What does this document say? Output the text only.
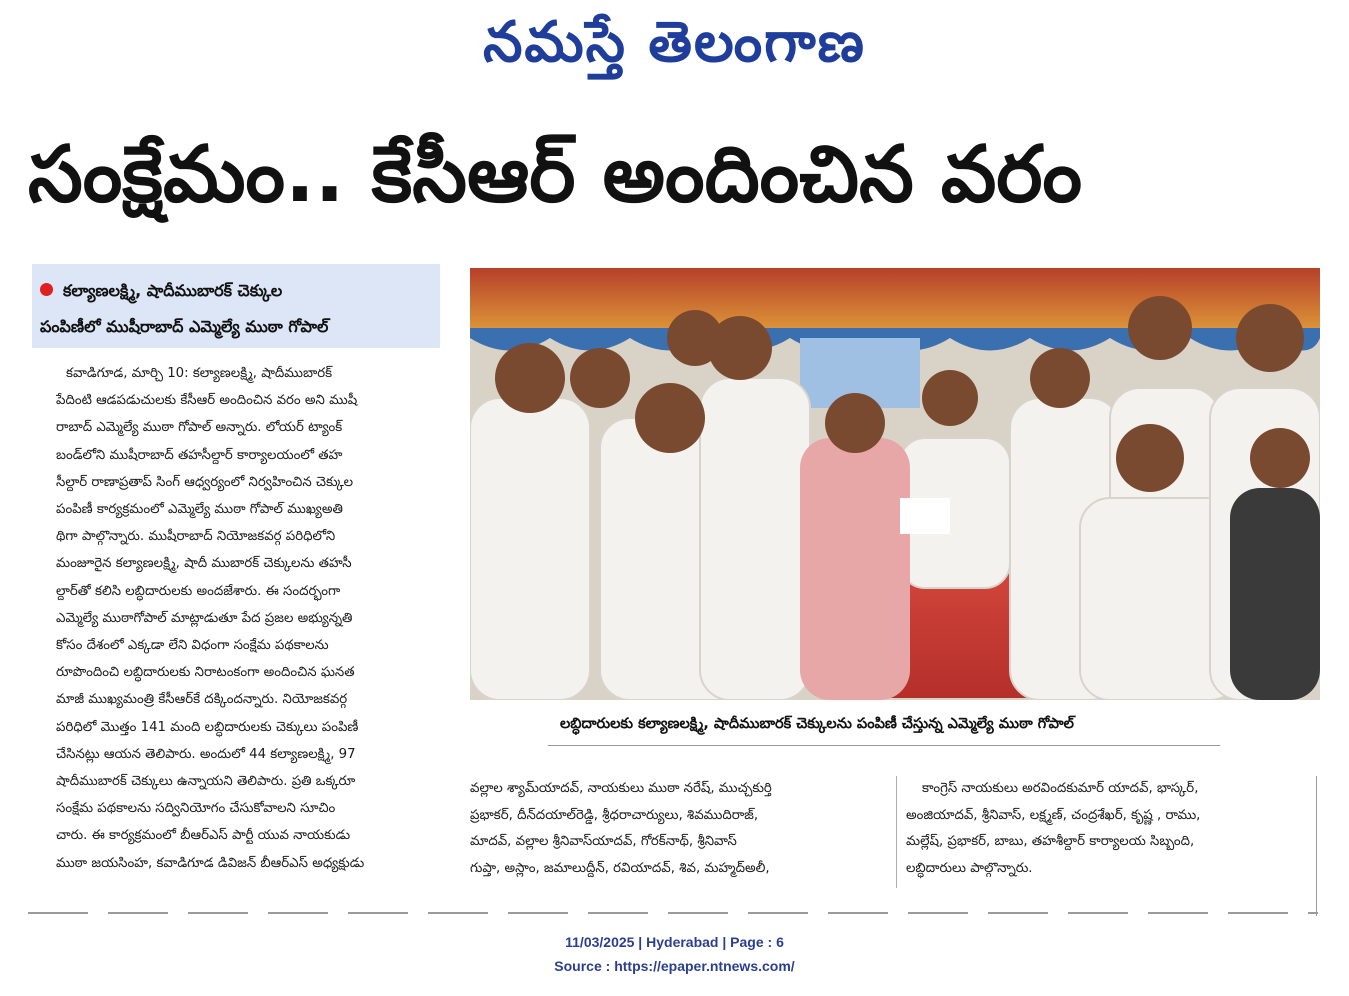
నమస్తే తెలంగాణ
సంక్షేమం.. కేసీఆర్ అందించిన వరం
కల్యాణలక్ష్మి, షాదీముబారక్ చెక్కుల
పంపిణీలో ముషీరాబాద్ ఎమ్మెల్యే ముఠా గోపాల్
కవాడిగూడ, మార్చి 10: కల్యాణలక్ష్మి, షాదీముబారక్
పేదింటి ఆడపడుచులకు కేసీఆర్ అందించిన వరం అని ముషీ
రాబాద్ ఎమ్మెల్యే ముఠా గోపాల్ అన్నారు. లోయర్ ట్యాంక్
బండ్‌లోని ముషీరాబాద్ తహసీల్దార్ కార్యాలయంలో తహ
సీల్దార్ రాణాప్రతాప్ సింగ్ ఆధ్వర్యంలో నిర్వహించిన చెక్కుల
పంపిణీ కార్యక్రమంలో ఎమ్మెల్యే ముఠా గోపాల్ ముఖ్యఅతి
థిగా పాల్గొన్నారు. ముషీరాబాద్ నియోజకవర్గ పరిధిలోని
మంజూరైన కల్యాణలక్ష్మి, షాదీ ముబారక్ చెక్కులను తహసీ
ల్దార్‌తో కలిసి లబ్ధిదారులకు అందజేశారు. ఈ సందర్భంగా
ఎమ్మెల్యే ముఠాగోపాల్ మాట్లాడుతూ పేద ప్రజల అభ్యున్నతి
కోసం దేశంలో ఎక్కడా లేని విధంగా సంక్షేమ పథకాలను
రూపొందించి లబ్ధిదారులకు నిరాటంకంగా అందించిన ఘనత
మాజీ ముఖ్యమంత్రి కేసీఆర్‌కే దక్కిందన్నారు. నియోజకవర్గ
పరిధిలో మొత్తం 141 మంది లబ్ధిదారులకు చెక్కులు పంపిణీ
చేసినట్లు ఆయన తెలిపారు. అందులో 44 కల్యాణలక్ష్మి, 97
షాదీముబారక్ చెక్కులు ఉన్నాయని తెలిపారు. ప్రతి ఒక్కరూ
సంక్షేమ పథకాలను సద్వినియోగం చేసుకోవాలని సూచిం
చారు. ఈ కార్యక్రమంలో బీఆర్‌ఎస్ పార్టీ యువ నాయకుడు
ముఠా జయసింహ, కవాడిగూడ డివిజన్ బీఆర్‌ఎస్ అధ్యక్షుడు
లబ్ధిదారులకు కల్యాణలక్ష్మి, షాదీముబారక్ చెక్కులను పంపిణీ చేస్తున్న ఎమ్మెల్యే ముఠా గోపాల్
వల్లాల శ్యామ్‌యాదవ్, నాయకులు ముఠా నరేష్, ముచ్చకుర్తి
ప్రభాకర్, దీన్‌దయాల్‌రెడ్డి, శ్రీధరాచార్యులు, శివముదిరాజ్,
మాదవ్, వల్లాల శ్రీనివాస్‌యాదవ్, గోరక్‌నాథ్, శ్రీనివాస్
గుప్తా, అస్లాం, జమాలుద్దీన్, రవియాదవ్, శివ, మహ్మద్‌అలీ,
కాంగ్రెస్ నాయకులు అరవిందకుమార్ యాదవ్, భాస్కర్,
అంజియాదవ్, శ్రీనివాస్, లక్ష్మణ్, చంద్రశేఖర్, కృష్ణ , రాము,
మల్లేష్, ప్రభాకర్, బాబు, తహశీల్దార్ కార్యాలయ సిబ్బంది,
లబ్ధిదారులు పాల్గొన్నారు.
11/03/2025 | Hyderabad | Page : 6
Source : https://epaper.ntnews.com/
